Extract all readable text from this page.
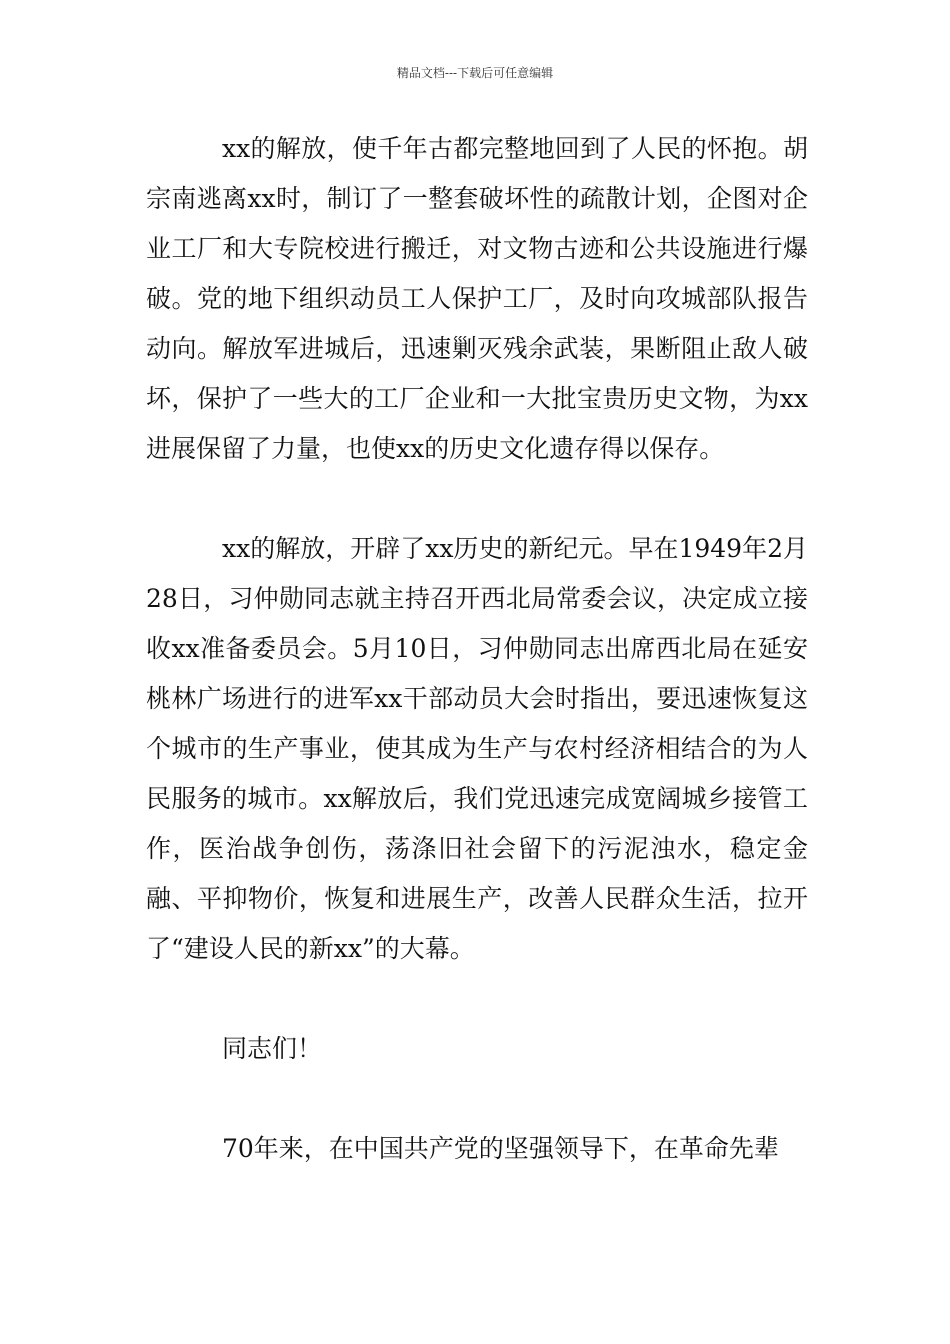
精品文档---下载后可任意编辑

xx的解放，使千年古都完整地回到了人民的怀抱。胡宗南逃离xx时，制订了一整套破坏性的疏散计划，企图对企业工厂和大专院校进行搬迁，对文物古迹和公共设施进行爆破。党的地下组织动员工人保护工厂，及时向攻城部队报告动向。解放军进城后，迅速剿灭残余武装，果断阻止敌人破坏，保护了一些大的工厂企业和一大批宝贵历史文物，为xx进展保留了力量，也使xx的历史文化遗存得以保存。

xx的解放，开辟了xx历史的新纪元。早在1949年2月28日，习仲勋同志就主持召开西北局常委会议，决定成立接收xx准备委员会。5月10日，习仲勋同志出席西北局在延安桃林广场进行的进军xx干部动员大会时指出，要迅速恢复这个城市的生产事业，使其成为生产与农村经济相结合的为人民服务的城市。xx解放后，我们党迅速完成宽阔城乡接管工作，医治战争创伤，荡涤旧社会留下的污泥浊水，稳定金融、平抑物价，恢复和进展生产，改善人民群众生活，拉开了“建设人民的新xx”的大幕。

同志们！

70年来，在中国共产党的坚强领导下，在革命先辈
